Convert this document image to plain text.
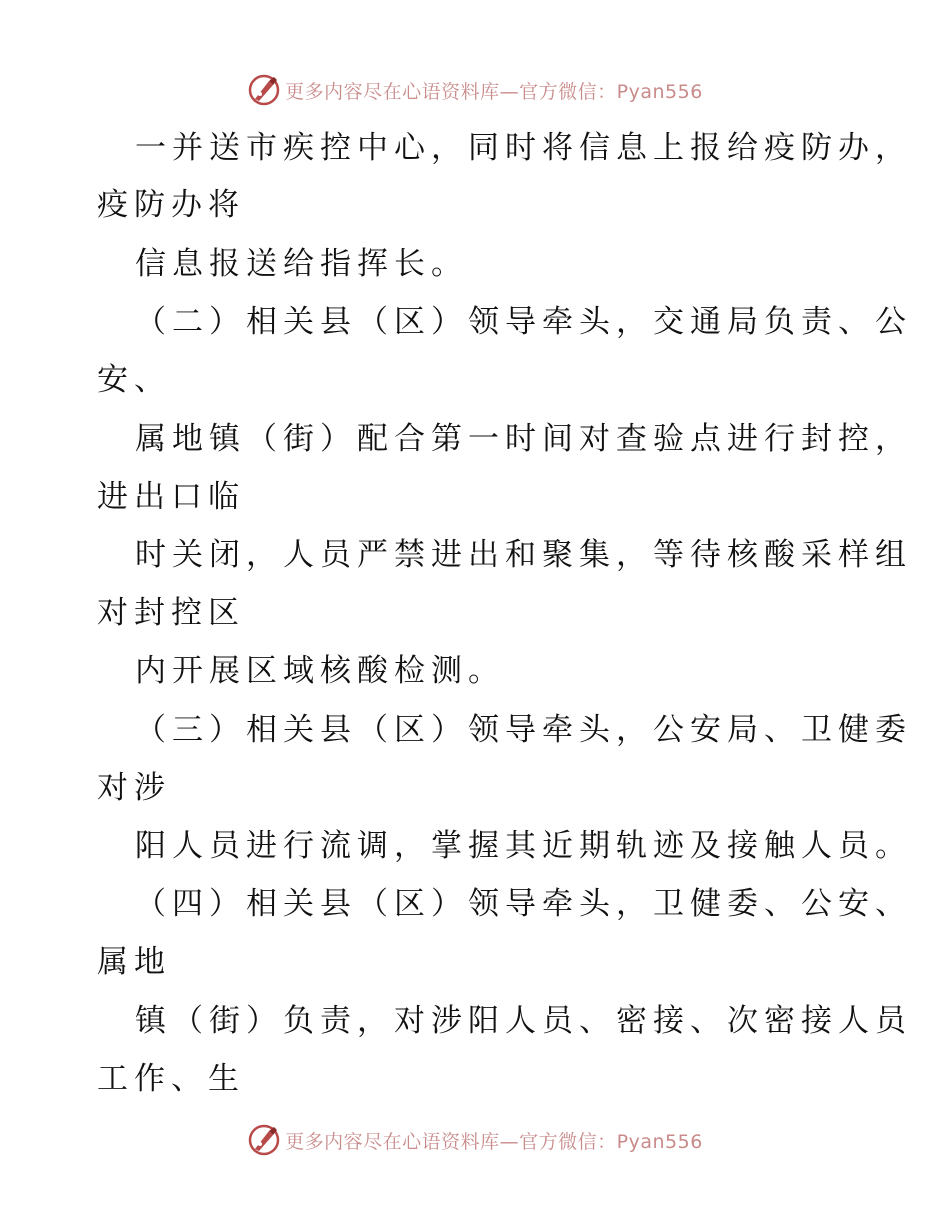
更多内容尽在心语资料库—官方微信：Pyan556
一并送市疾控中心，同时将信息上报给疫防办，
疫防办将
信息报送给指挥长。
（二）相关县（区）领导牵头，交通局负责、公
安、
属地镇（街）配合第一时间对查验点进行封控，
进出口临
时关闭，人员严禁进出和聚集，等待核酸采样组
对封控区
内开展区域核酸检测。
（三）相关县（区）领导牵头，公安局、卫健委
对涉
阳人员进行流调，掌握其近期轨迹及接触人员。
（四）相关县（区）领导牵头，卫健委、公安、
属地
镇（街）负责，对涉阳人员、密接、次密接人员
工作、生
更多内容尽在心语资料库—官方微信：Pyan556
